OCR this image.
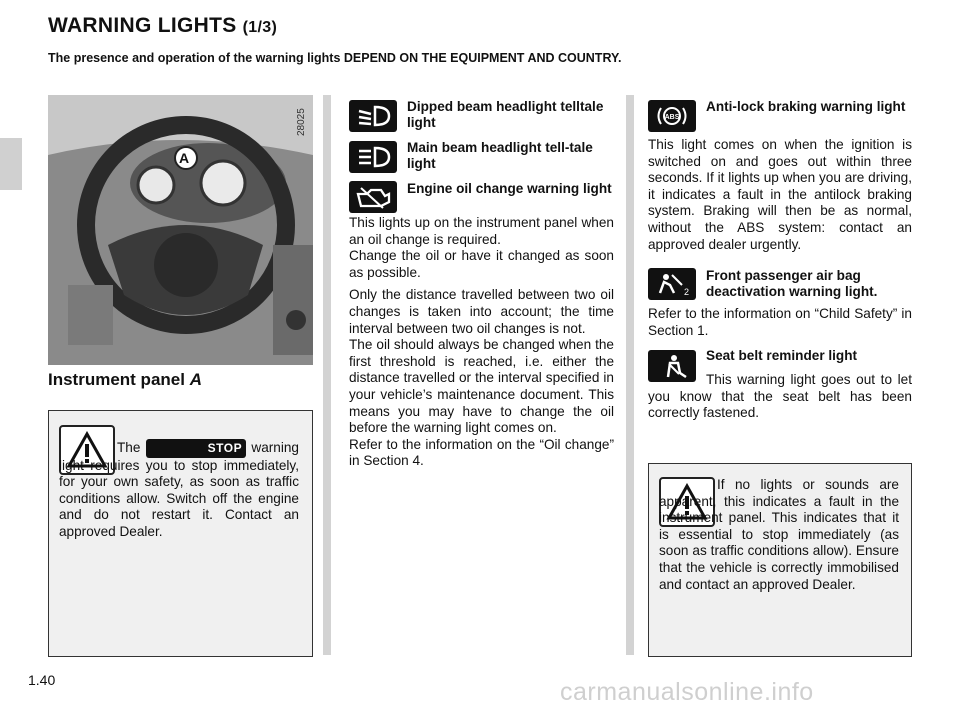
WARNING LIGHTS (1/3)
The presence and operation of the warning lights DEPEND ON THE EQUIPMENT AND COUNTRY.
A
28025
Instrument panel A
The	STOP warning light requires you to stop immediately, for your own safety, as soon as traffic conditions allow. Switch off the engine and do not restart it. Contact an approved Dealer.
Dipped beam headlight telltale light
Main beam headlight tell-tale light
Engine oil change warning light
This lights up on the instrument panel when an oil change is required.
Change the oil or have it changed as soon as possible.
Only the distance travelled between two oil changes is taken into account; the time interval between two oil changes is not.
The oil should always be changed when the first threshold is reached, i.e. either the distance travelled or the interval specified in your vehicle’s maintenance document. This means you may have to change the oil before the warning light comes on.
Refer to the information on the “Oil change” in Section 4.
ABS
Anti-lock braking warning light
This light comes on when the ignition is switched on and goes out within three seconds. If it lights up when you are driving, it indicates a fault in the antilock braking system. Braking will then be as normal, without the ABS system: contact an approved dealer urgently.
2
Front passenger air bag deactivation warning light.
Refer to the information on “Child Safety” in Section 1.
Seat belt reminder light
This warning light goes out to let you know that the seat belt has been correctly fastened.
If no lights or sounds are apparent, this indicates a fault in the instrument panel. This indicates that it is essential to stop immediately (as soon as traffic conditions allow). Ensure that the vehicle is correctly immobilised and contact an approved Dealer.
1.40	carmanualsonline.info
